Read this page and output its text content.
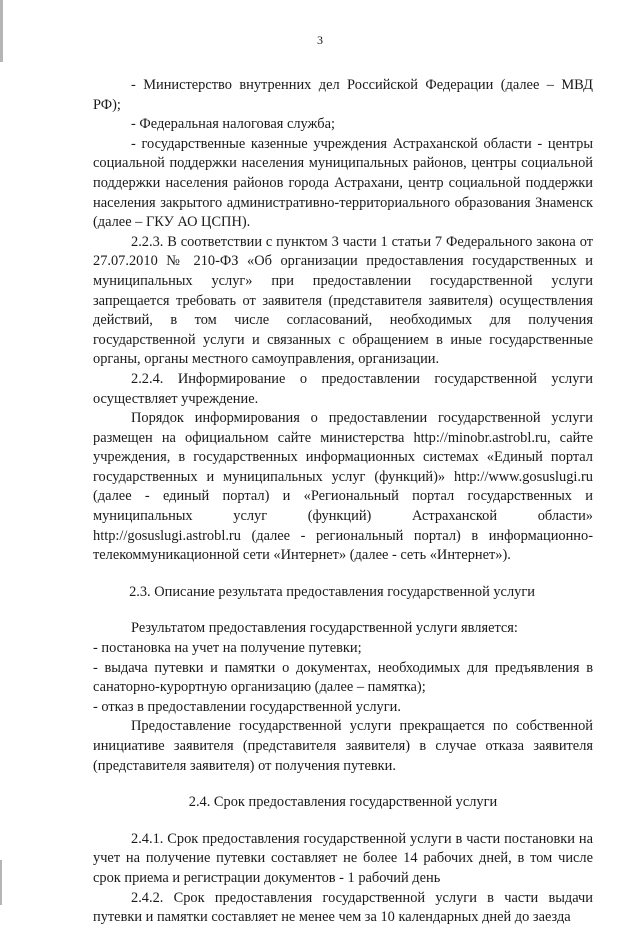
3

- Министерство внутренних дел Российской Федерации (далее – МВД РФ);

- Федеральная налоговая служба;

- государственные казенные учреждения Астраханской области - центры социальной поддержки населения муниципальных районов, центры социальной поддержки населения районов города Астрахани, центр социальной поддержки населения закрытого административно-территориального образования Знаменск (далее – ГКУ АО ЦСПН).

2.2.3. В соответствии с пунктом 3 части 1 статьи 7 Федерального закона от 27.07.2010 № 210-ФЗ «Об организации предоставления государственных и муниципальных услуг» при предоставлении государственной услуги запрещается требовать от заявителя (представителя заявителя) осуществления действий, в том числе согласований, необходимых для получения государственной услуги и связанных с обращением в иные государственные органы, органы местного самоуправления, организации.

2.2.4. Информирование о предоставлении государственной услуги осуществляет учреждение.

Порядок информирования о предоставлении государственной услуги размещен на официальном сайте министерства http://minobr.astrobl.ru, сайте учреждения, в государственных информационных системах «Единый портал государственных и муниципальных услуг (функций)» http://www.gosuslugi.ru (далее - единый портал) и «Региональный портал государственных и муниципальных услуг (функций) Астраханской области» http://gosuslugi.astrobl.ru (далее - региональный портал) в информационно-телекоммуникационной сети «Интернет» (далее - сеть «Интернет»).

2.3. Описание результата предоставления государственной услуги

Результатом предоставления государственной услуги является:

- постановка на учет на получение путевки;

- выдача путевки и памятки о документах, необходимых для предъявления в санаторно-курортную организацию (далее – памятка);

- отказ в предоставлении государственной услуги.

Предоставление государственной услуги прекращается по собственной инициативе заявителя (представителя заявителя) в случае отказа заявителя (представителя заявителя) от получения путевки.

2.4. Срок предоставления государственной услуги

2.4.1. Срок предоставления государственной услуги в части постановки на учет на получение путевки составляет не более 14 рабочих дней, в том числе срок приема и регистрации документов - 1 рабочий день

2.4.2. Срок предоставления государственной услуги в части выдачи путевки и памятки составляет не менее чем за 10 календарных дней до заезда
